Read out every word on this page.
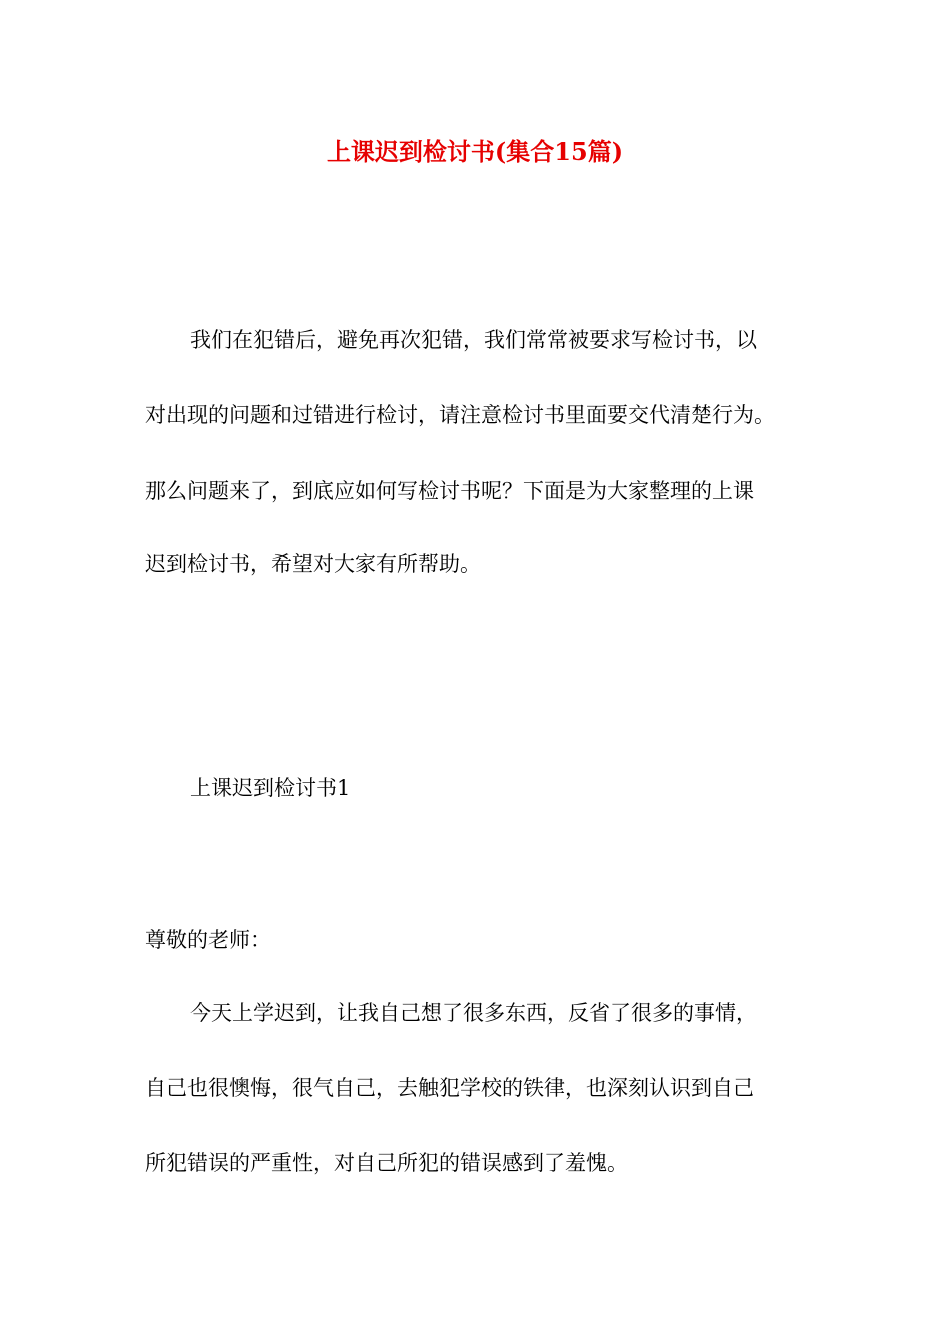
上课迟到检讨书(集合15篇)
我们在犯错后，避免再次犯错，我们常常被要求写检讨书，以
对出现的问题和过错进行检讨，请注意检讨书里面要交代清楚行为。
那么问题来了，到底应如何写检讨书呢？下面是为大家整理的上课
迟到检讨书，希望对大家有所帮助。
上课迟到检讨书1
尊敬的老师：
今天上学迟到，让我自己想了很多东西，反省了很多的事情，
自己也很懊悔，很气自己，去触犯学校的铁律，也深刻认识到自己
所犯错误的严重性，对自己所犯的错误感到了羞愧。
